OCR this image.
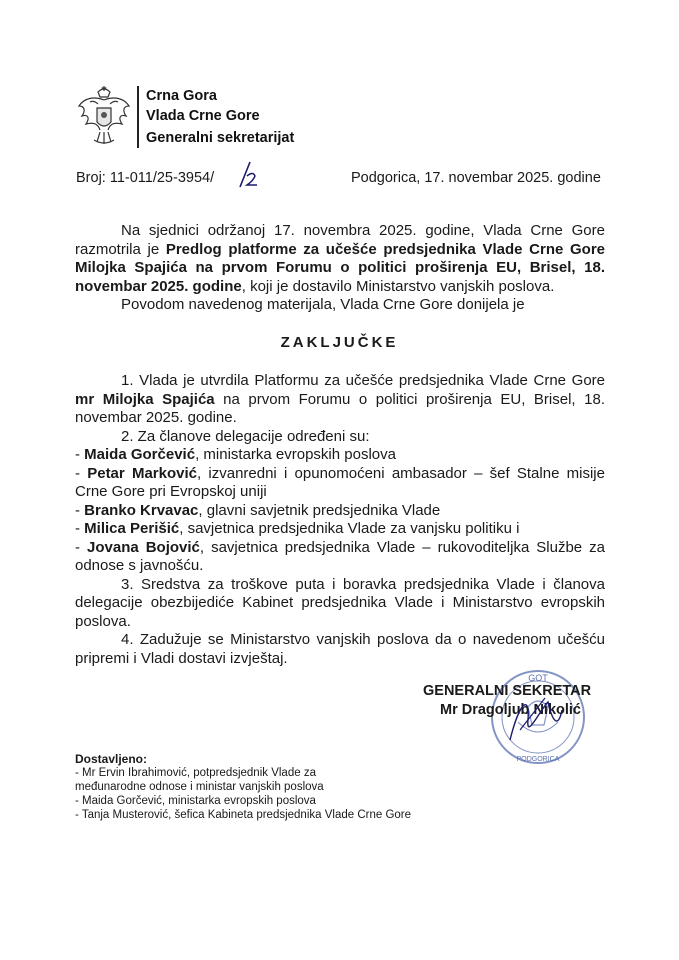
Crna Gora
Vlada Crne Gore
Generalni sekretarijat
Broj: 11-011/25-3954/	Podgorica, 17. novembar 2025. godine

Na sjednici održanoj 17. novembra 2025. godine, Vlada Crne Gore razmotrila je Predlog platforme za učešće predsjednika Vlade Crne Gore Milojka Spajića na prvom Forumu o politici proširenja EU, Brisel, 18. novembar 2025. godine, koji je dostavilo Ministarstvo vanjskih poslova.

Povodom navedenog materijala, Vlada Crne Gore donijela je

ZAKLJUČKE

1. Vlada je utvrdila Platformu za učešće predsjednika Vlade Crne Gore mr Milojka Spajića na prvom Forumu o politici proširenja EU, Brisel, 18. novembar 2025. godine.

2. Za članove delegacije određeni su:

- Maida Gorčević, ministarka evropskih poslova

- Petar Marković, izvanredni i opunomoćeni ambasador – šef Stalne misije Crne Gore pri Evropskoj uniji

- Branko Krvavac, glavni savjetnik predsjednika Vlade

- Milica Perišić, savjetnica predsjednika Vlade za vanjsku politiku i

- Jovana Bojović, savjetnica predsjednika Vlade – rukovoditeljka Službe za odnose s javnošću.

3. Sredstva za troškove puta i boravka predsjednika Vlade i članova delegacije obezbijediće Kabinet predsjednika Vlade i Ministarstvo evropskih poslova.

4. Zadužuje se Ministarstvo vanjskih poslova da o navedenom učešću pripremi i Vladi dostavi izvještaj.

GOT
PODGORICA
GENERALNI SEKRETAR
Mr Dragoljub Nikolić
Dostavljeno:
- Mr Ervin Ibrahimović, potpredsjednik Vlade za
međunarodne odnose i ministar vanjskih poslova
- Maida Gorčević, ministarka evropskih poslova
- Tanja Musterović, šefica Kabineta predsjednika Vlade Crne Gore
